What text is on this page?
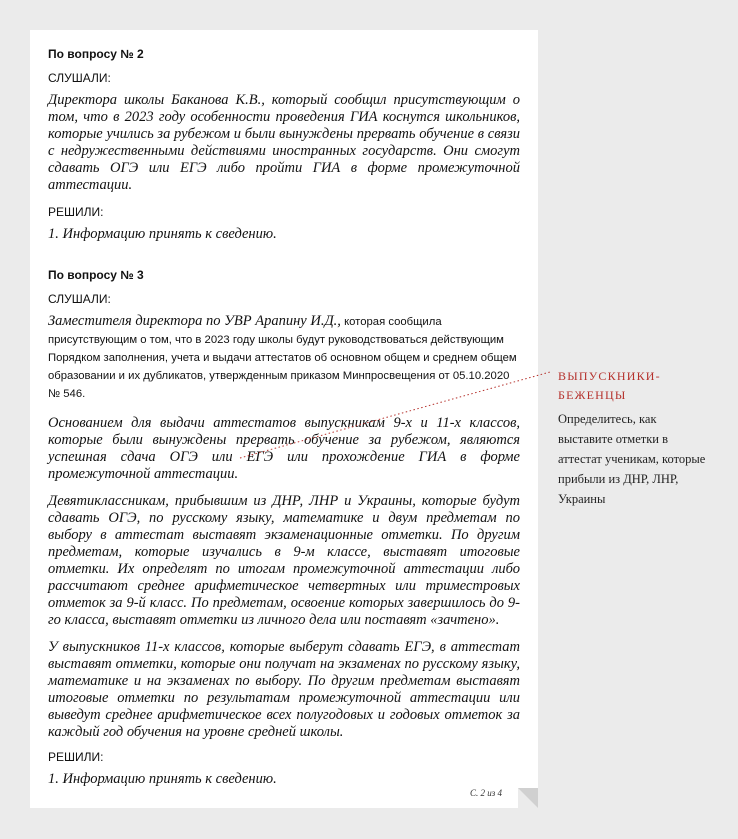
По вопросу № 2
СЛУШАЛИ:

Директора школы Баканова К.В., который сообщил присутствующим о том, что в 2023 году особенности проведения ГИА коснутся школьников, которые учились за рубежом и были вынуждены прервать обучение в связи с недружественными действиями иностранных государств. Они смогут сдавать ОГЭ или ЕГЭ либо пройти ГИА в форме промежуточной аттестации.

РЕШИЛИ:

1. Информацию принять к сведению.

По вопросу № 3
СЛУШАЛИ:

Заместителя директора по УВР Арапину И.Д., которая сообщила присутствующим о том, что в 2023 году школы будут руководствоваться действующим Порядком заполнения, учета и выдачи аттестатов об основном общем и среднем общем образовании и их дубликатов, утвержденным приказом Минпросвещения от 05.10.2020 № 546.

Основанием для выдачи аттестатов выпускникам 9-х и 11-х классов, которые были вынуждены прервать обучение за рубежом, являются успешная сдача ОГЭ или ЕГЭ или прохождение ГИА в форме промежуточной аттестации.

Девятиклассникам, прибывшим из ДНР, ЛНР и Украины, которые будут сдавать ОГЭ, по русскому языку, математике и двум предметам по выбору в аттестат выставят экзаменационные отметки. По другим предметам, которые изучались в 9-м классе, выставят итоговые отметки. Их определят по итогам промежуточной аттестации либо рассчитают среднее арифметическое четвертных или триместровых отметок за 9-й класс. По предметам, освоение которых завершилось до 9-го класса, выставят отметки из личного дела или поставят «зачтено».

У выпускников 11-х классов, которые выберут сдавать ЕГЭ, в аттестат выставят отметки, которые они получат на экзаменах по русскому языку, математике и на экзаменах по выбору. По другим предметам выставят итоговые отметки по результатам промежуточной аттестации или выведут среднее арифметическое всех полугодовых и годовых отметок за каждый год обучения на уровне средней школы.

РЕШИЛИ:

1. Информацию принять к сведению.

С. 2 из 4
ВЫПУСКНИКИ-БЕЖЕНЦЫ

Определитесь, как выставите отметки в аттестат ученикам, которые прибыли из ДНР, ЛНР, Украины
